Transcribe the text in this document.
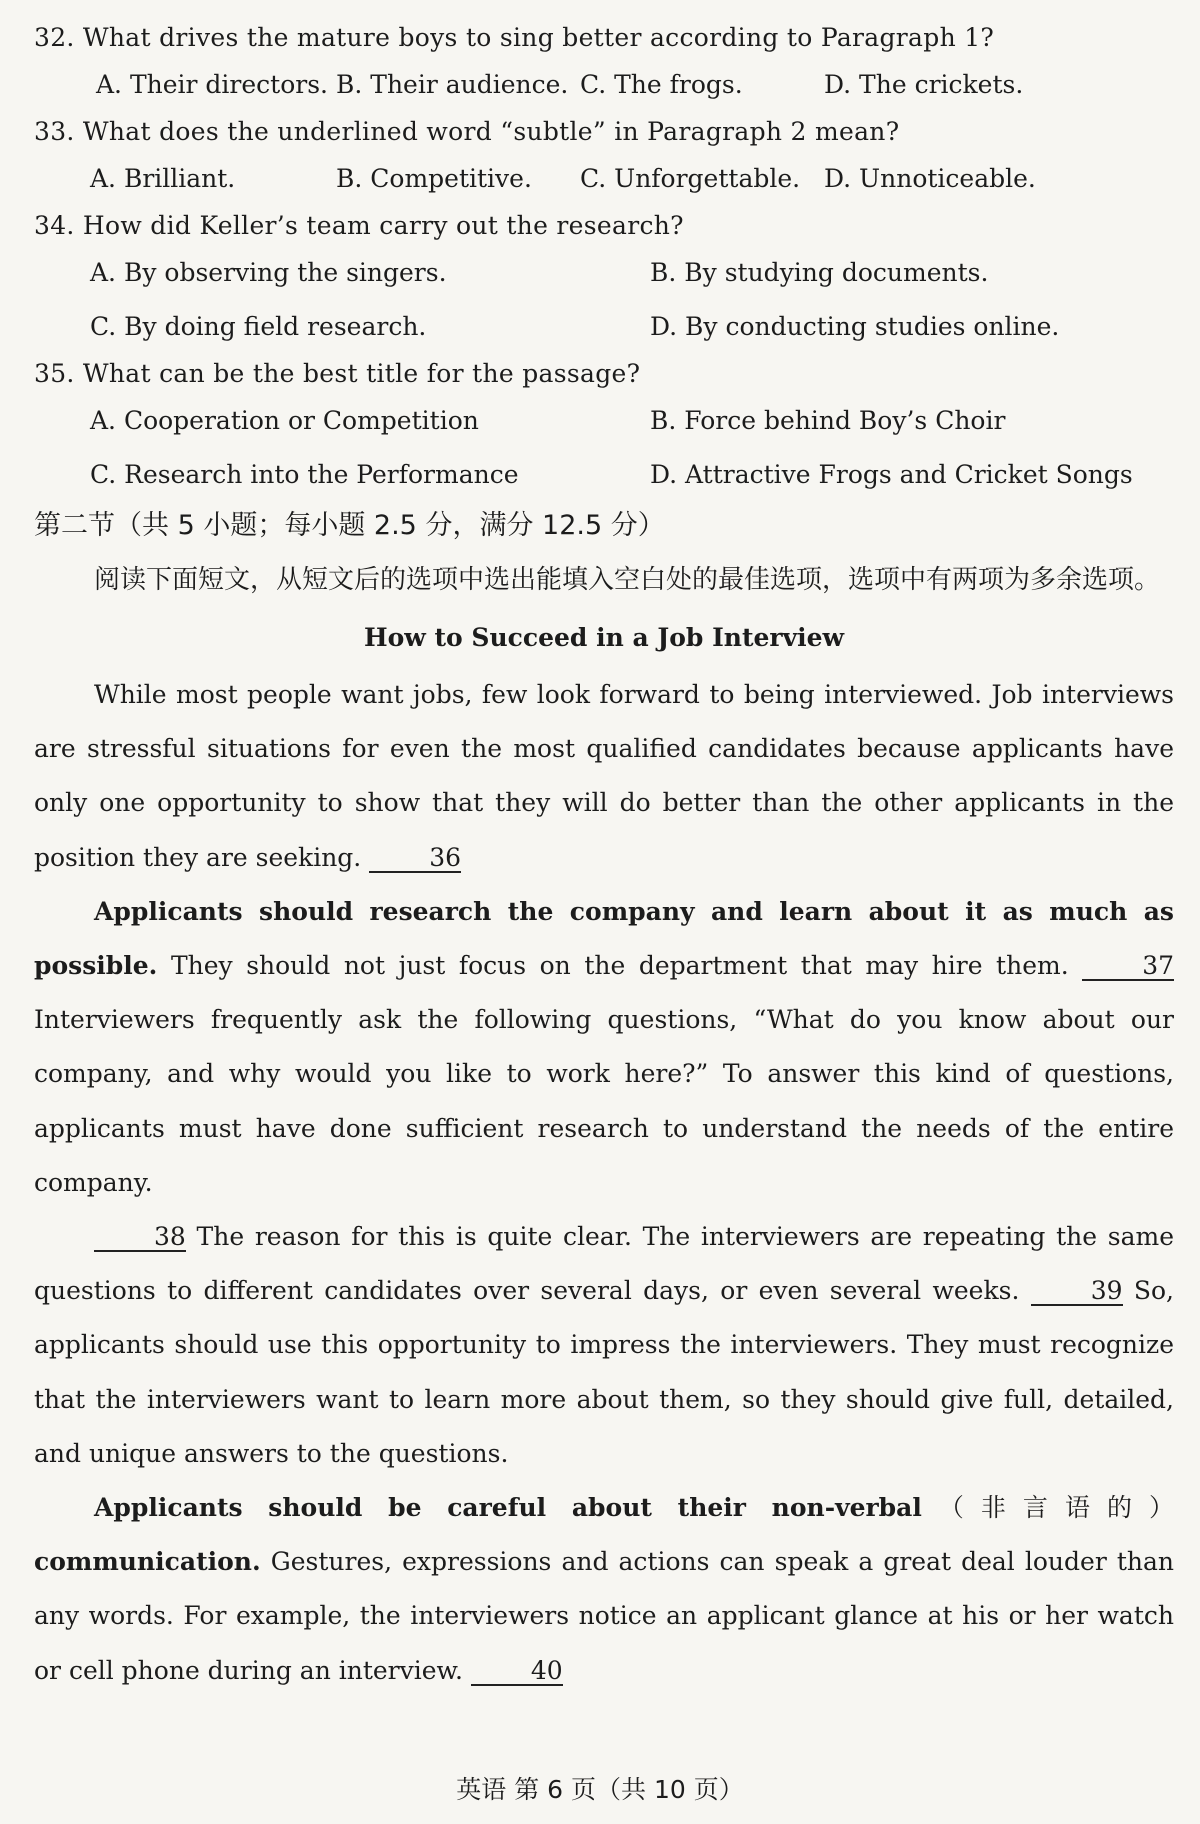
32. What drives the mature boys to sing better according to Paragraph 1?
A. Their directors. B. Their audience. C. The frogs.	D. The crickets.
33. What does the underlined word “subtle” in Paragraph 2 mean?
A. Brilliant.	B. Competitive.	C. Unforgettable. D. Unnoticeable.
34. How did Keller’s team carry out the research?
A. By observing the singers.	B. By studying documents.
C. By doing field research.	D. By conducting studies online.
35. What can be the best title for the passage?
A. Cooperation or Competition	B. Force behind Boy’s Choir
C. Research into the Performance	D. Attractive Frogs and Cricket Songs
第二节（共 5 小题；每小题 2.5 分，满分 12.5 分）
阅读下面短文，从短文后的选项中选出能填入空白处的最佳选项，选项中有两项为多余选项。
How to Succeed in a Job Interview
While most people want jobs, few look forward to being interviewed. Job interviews are stressful situations for even the most qualified candidates because applicants have only one opportunity to show that they will do better than the other applicants in the position they are seeking.	36
Applicants should research the company and learn about it as much as possible. They should not just focus on the department that may hire them.	37 Interviewers frequently ask the following questions, “What do you know about our company, and why would you like to work here?” To answer this kind of questions, applicants must have done sufficient research to understand the needs of the entire company.
38 The reason for this is quite clear. The interviewers are repeating the same questions to different candidates over several days, or even several weeks.	39 So, applicants should use this opportunity to impress the interviewers. They must recognize that the interviewers want to learn more about them, so they should give full, detailed, and unique answers to the questions.
Applicants should be careful about their non-verbal（非言语的）communication. Gestures, expressions and actions can speak a great deal louder than any words. For example, the interviewers notice an applicant glance at his or her watch or cell phone during an interview.	40
英语 第 6 页（共 10 页）
